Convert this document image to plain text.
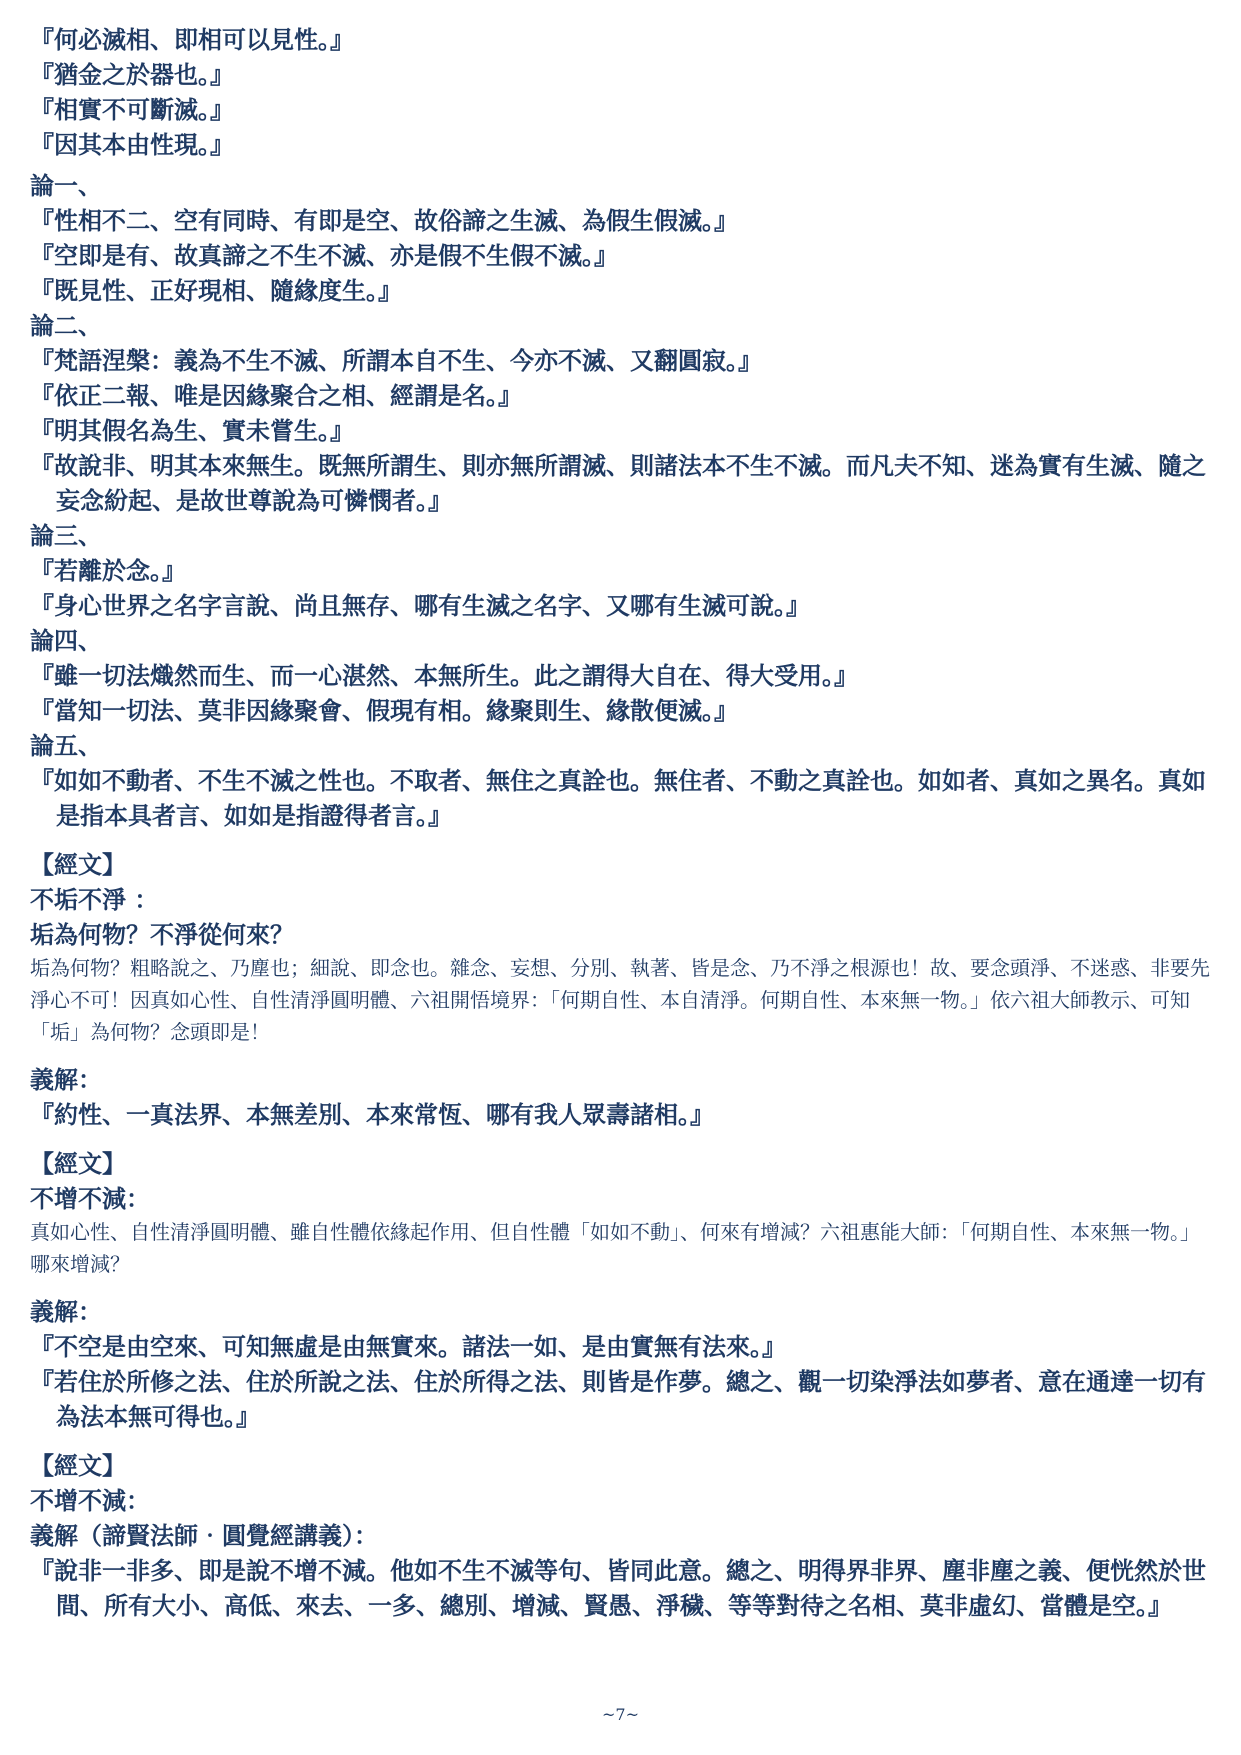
『何必滅相、即相可以見性。』
『猶金之於器也。』
『相實不可斷滅。』
『因其本由性現。』
論一、
『性相不二、空有同時、有即是空、故俗諦之生滅、為假生假滅。』
『空即是有、故真諦之不生不滅、亦是假不生假不滅。』
『既見性、正好現相、隨緣度生。』
論二、
『梵語涅槃：義為不生不滅、所謂本自不生、今亦不滅、又翻圓寂。』
『依正二報、唯是因緣聚合之相、經謂是名。』
『明其假名為生、實未嘗生。』
『故說非、明其本來無生。既無所謂生、則亦無所謂滅、則諸法本不生不滅。而凡夫不知、迷為實有生滅、隨之妄念紛起、是故世尊說為可憐憫者。』
論三、
『若離於念。』
『身心世界之名字言說、尚且無存、哪有生滅之名字、又哪有生滅可說。』
論四、
『雖一切法熾然而生、而一心湛然、本無所生。此之謂得大自在、得大受用。』
『當知一切法、莫非因緣聚會、假現有相。緣聚則生、緣散便滅。』
論五、
『如如不動者、不生不滅之性也。不取者、無住之真詮也。無住者、不動之真詮也。如如者、真如之異名。真如是指本具者言、如如是指證得者言。』
【經文】
不垢不淨 ：
垢為何物？不淨從何來？
垢為何物？粗略說之、乃塵也；細說、即念也。雜念、妄想、分別、執著、皆是念、乃不淨之根源也！故、要念頭淨、不迷惑、非要先淨心不可！因真如心性、自性清淨圓明體、六祖開悟境界：「何期自性、本自清淨。何期自性、本來無一物。」依六祖大師教示、可知「垢」為何物？念頭即是！
義解：
『約性、一真法界、本無差別、本來常恆、哪有我人眾壽諸相。』
【經文】
不增不減：
真如心性、自性清淨圓明體、雖自性體依緣起作用、但自性體「如如不動」、何來有增減？六祖惠能大師：「何期自性、本來無一物。」哪來增減？
義解：
『不空是由空來、可知無虛是由無實來。諸法一如、是由實無有法來。』
『若住於所修之法、住於所說之法、住於所得之法、則皆是作夢。總之、觀一切染淨法如夢者、意在通達一切有為法本無可得也。』
【經文】
不增不減：
義解（諦賢法師‧圓覺經講義）：
『說非一非多、即是說不增不減。他如不生不滅等句、皆同此意。總之、明得界非界、塵非塵之義、便恍然於世間、所有大小、高低、來去、一多、總別、增減、賢愚、淨穢、等等對待之名相、莫非虛幻、當體是空。』
~7~
